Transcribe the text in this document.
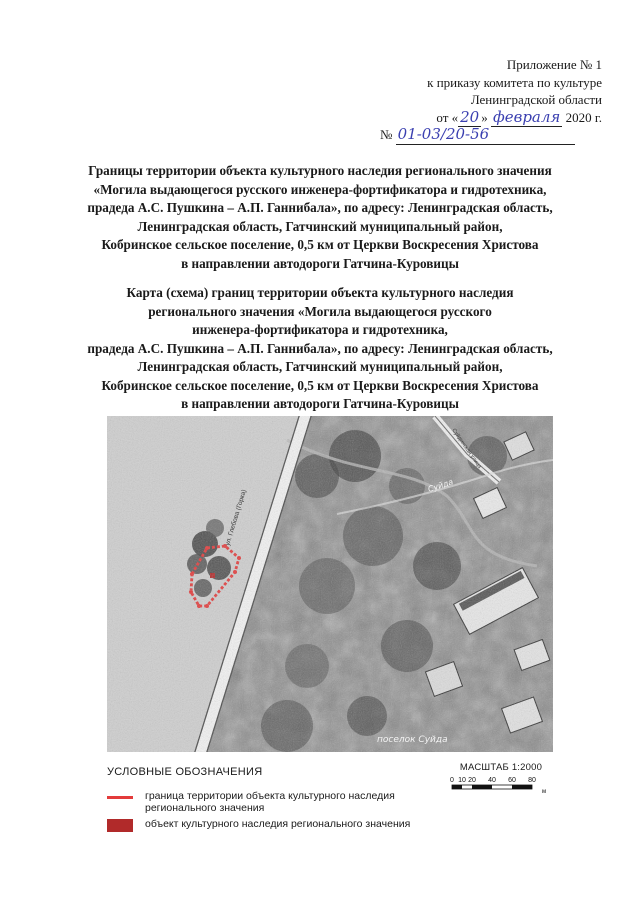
Приложение № 1
к приказу комитета по культуре
Ленинградской области
от « 20 » февраля 2020 г.
№ 01-03/20-56
Границы территории объекта культурного наследия регионального значения
«Могила выдающегося русского инженера-фортификатора и гидротехника,
прадеда А.С. Пушкина – А.П. Ганнибала», по адресу: Ленинградская область,
Ленинградская область, Гатчинский муниципальный район,
Кобринское сельское поселение, 0,5 км от Церкви Воскресения Христова
в направлении автодороги Гатчина-Куровицы
Карта (схема) границ территории объекта культурного наследия
регионального значения «Могила выдающегося русского
инженера-фортификатора и гидротехника,
прадеда А.С. Пушкина – А.П. Ганнибала», по адресу: Ленинградская область,
Ленинградская область, Гатчинский муниципальный район,
Кобринское сельское поселение, 0,5 км от Церкви Воскресения Христова
в направлении автодороги Гатчина-Куровицы
УСЛОВНЫЕ ОБОЗНАЧЕНИЯ
граница территории объекта культурного наследия
регионального значения
объект культурного наследия регионального значения
МАСШТАБ 1:2000
0 10 20 40 60 80
м
